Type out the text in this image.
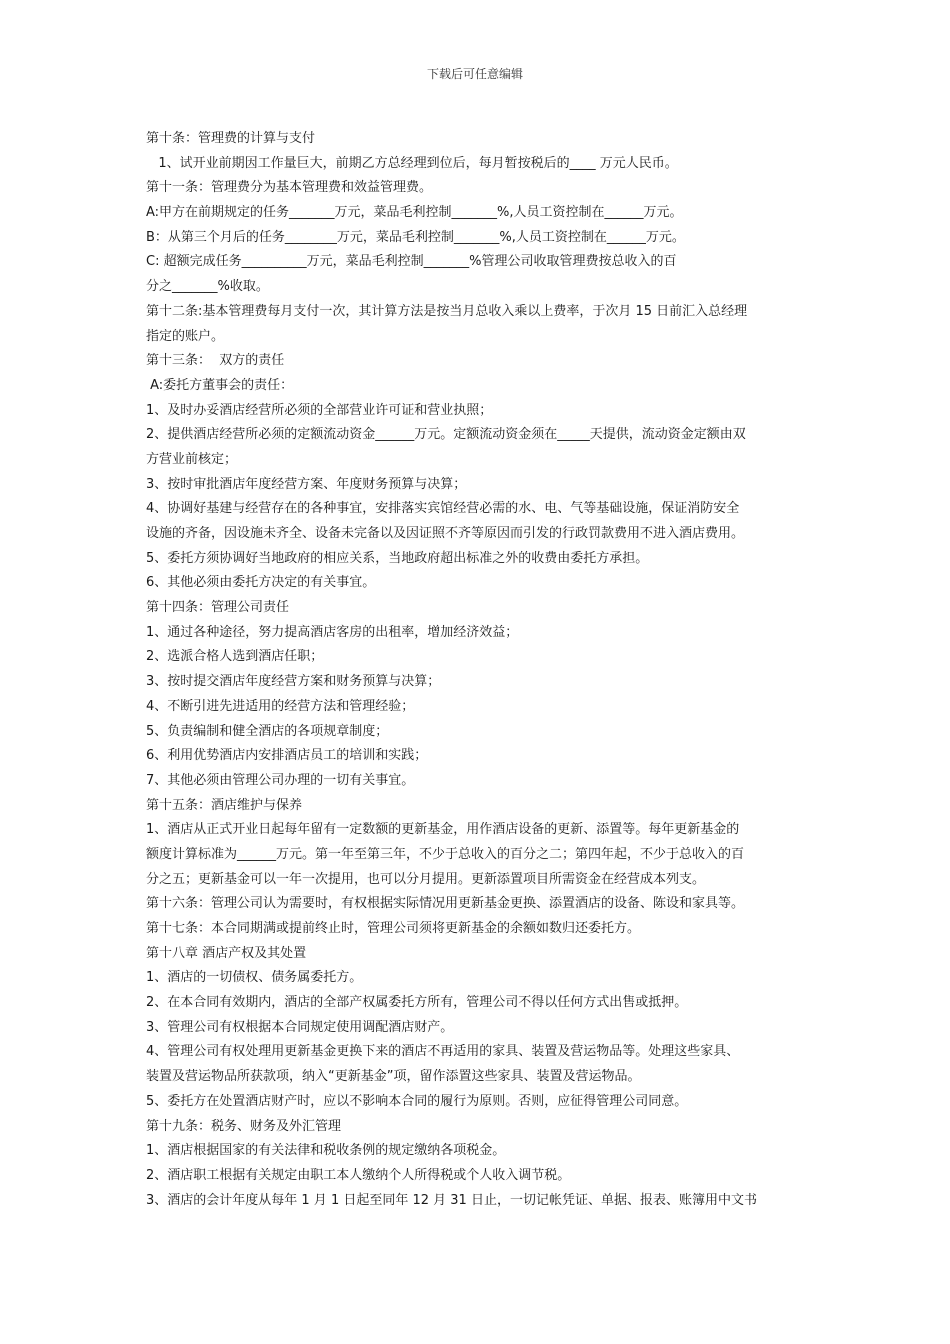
下载后可任意编辑
第十条：管理费的计算与支付
1、试开业前期因工作量巨大，前期乙方总经理到位后，每月暂按税后的____ 万元人民币。
第十一条：管理费分为基本管理费和效益管理费。
A:甲方在前期规定的任务_______万元，菜品毛利控制_______%,人员工资控制在______万元。
B：从第三个月后的任务________万元，菜品毛利控制_______%,人员工资控制在______万元。
C: 超额完成任务__________万元，菜品毛利控制_______%管理公司收取管理费按总收入的百
分之_______%收取。
第十二条:基本管理费每月支付一次，其计算方法是按当月总收入乘以上费率，于次月 15 日前汇入总经理
指定的账户。
第十三条：  双方的责任
A:委托方董事会的责任：
1、及时办妥酒店经营所必须的全部营业许可证和营业执照；
2、提供酒店经营所必须的定额流动资金______万元。定额流动资金须在_____天提供，流动资金定额由双
方营业前核定；
3、按时审批酒店年度经营方案、年度财务预算与决算；
4、协调好基建与经营存在的各种事宜，安排落实宾馆经营必需的水、电、气等基础设施，保证消防安全
设施的齐备，因设施未齐全、设备未完备以及因证照不齐等原因而引发的行政罚款费用不进入酒店费用。
5、委托方须协调好当地政府的相应关系，当地政府超出标准之外的收费由委托方承担。
6、其他必须由委托方决定的有关事宜。
第十四条：管理公司责任
1、通过各种途径，努力提高酒店客房的出租率，增加经济效益；
2、选派合格人选到酒店任职；
3、按时提交酒店年度经营方案和财务预算与决算；
4、不断引进先进适用的经营方法和管理经验；
5、负责编制和健全酒店的各项规章制度；
6、利用优势酒店内安排酒店员工的培训和实践；
7、其他必须由管理公司办理的一切有关事宜。
第十五条：酒店维护与保养
1、酒店从正式开业日起每年留有一定数额的更新基金，用作酒店设备的更新、添置等。每年更新基金的
额度计算标准为______万元。第一年至第三年，不少于总收入的百分之二；第四年起，不少于总收入的百
分之五；更新基金可以一年一次提用，也可以分月提用。更新添置项目所需资金在经营成本列支。
第十六条：管理公司认为需要时，有权根据实际情况用更新基金更换、添置酒店的设备、陈设和家具等。
第十七条：本合同期满或提前终止时，管理公司须将更新基金的余额如数归还委托方。
第十八章 酒店产权及其处置
1、酒店的一切债权、债务属委托方。
2、在本合同有效期内，酒店的全部产权属委托方所有，管理公司不得以任何方式出售或抵押。
3、管理公司有权根据本合同规定使用调配酒店财产。
4、管理公司有权处理用更新基金更换下来的酒店不再适用的家具、装置及营运物品等。处理这些家具、
装置及营运物品所获款项，纳入“更新基金”项，留作添置这些家具、装置及营运物品。
5、委托方在处置酒店财产时，应以不影响本合同的履行为原则。否则，应征得管理公司同意。
第十九条：税务、财务及外汇管理
1、酒店根据国家的有关法律和税收条例的规定缴纳各项税金。
2、酒店职工根据有关规定由职工本人缴纳个人所得税或个人收入调节税。
3、酒店的会计年度从每年 1 月 1 日起至同年 12 月 31 日止，一切记帐凭证、单据、报表、账簿用中文书
